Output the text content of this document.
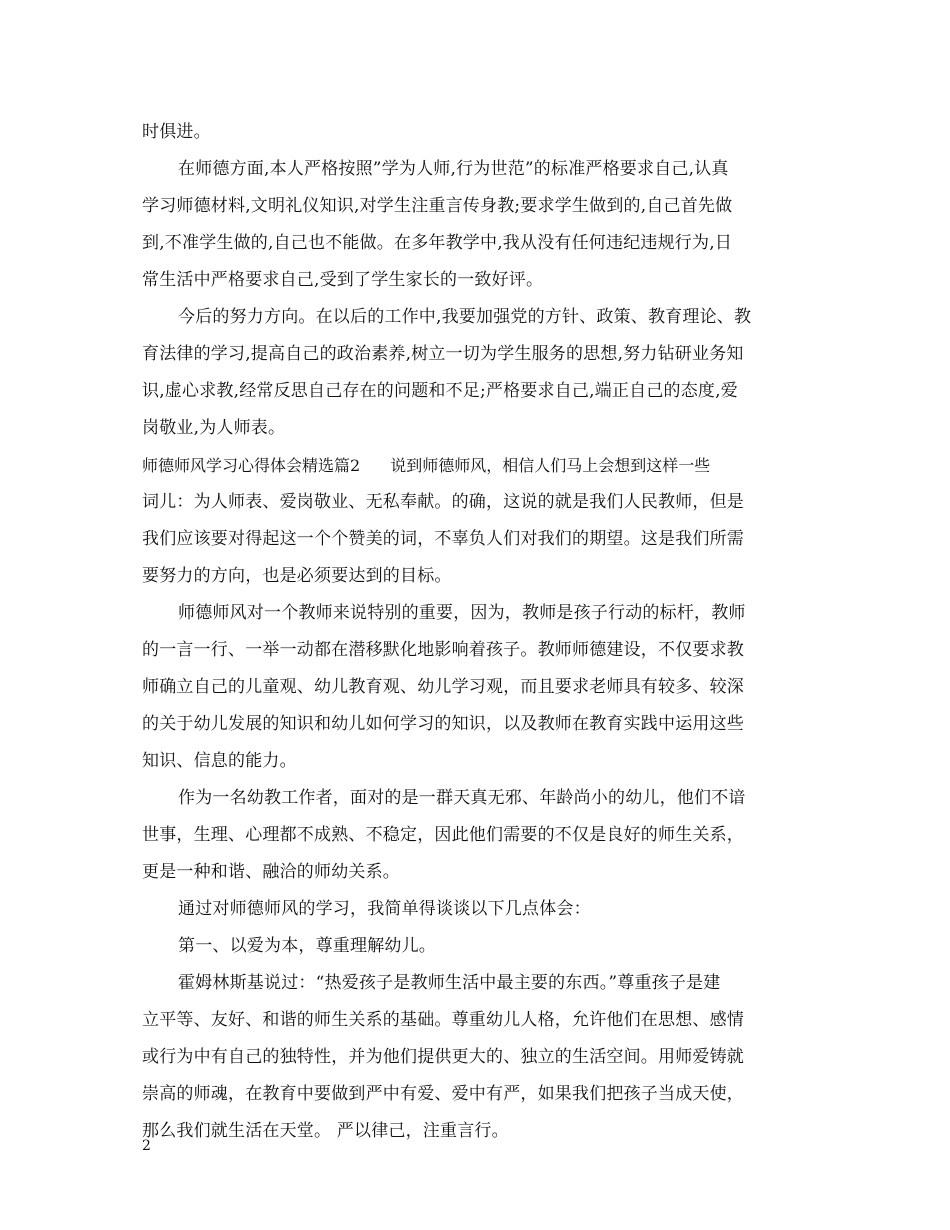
时俱进。
在师德方面,本人严格按照”学为人师,行为世范”的标准严格要求自己,认真
学习师德材料,文明礼仪知识,对学生注重言传身教;要求学生做到的,自己首先做
到,不准学生做的,自己也不能做。在多年教学中,我从没有任何违纪违规行为,日
常生活中严格要求自己,受到了学生家长的一致好评。
今后的努力方向。在以后的工作中,我要加强党的方针、政策、教育理论、教
育法律的学习,提高自己的政治素养,树立一切为学生服务的思想,努力钻研业务知
识,虚心求教,经常反思自己存在的问题和不足;严格要求自己,端正自己的态度,爱
岗敬业,为人师表。
师德师风学习心得体会精选篇2 说到师德师风，相信人们马上会想到这样一些
词儿：为人师表、爱岗敬业、无私奉献。的确，这说的就是我们人民教师，但是
我们应该要对得起这一个个赞美的词，不辜负人们对我们的期望。这是我们所需
要努力的方向，也是必须要达到的目标。
师德师风对一个教师来说特别的重要，因为，教师是孩子行动的标杆，教师
的一言一行、一举一动都在潜移默化地影响着孩子。教师师德建设，不仅要求教
师确立自己的儿童观、幼儿教育观、幼儿学习观，而且要求老师具有较多、较深
的关于幼儿发展的知识和幼儿如何学习的知识，以及教师在教育实践中运用这些
知识、信息的能力。
作为一名幼教工作者，面对的是一群天真无邪、年龄尚小的幼儿，他们不谙
世事，生理、心理都不成熟、不稳定，因此他们需要的不仅是良好的师生关系，
更是一种和谐、融洽的师幼关系。
通过对师德师风的学习，我简单得谈谈以下几点体会：
第一、以爱为本，尊重理解幼儿。
霍姆林斯基说过：“热爱孩子是教师生活中最主要的东西。”尊重孩子是建
立平等、友好、和谐的师生关系的基础。尊重幼儿人格，允许他们在思想、感情
或行为中有自己的独特性，并为他们提供更大的、独立的生活空间。用师爱铸就
崇高的师魂，在教育中要做到严中有爱、爱中有严，如果我们把孩子当成天使，
那么我们就生活在天堂。 严以律己，注重言行。
2
